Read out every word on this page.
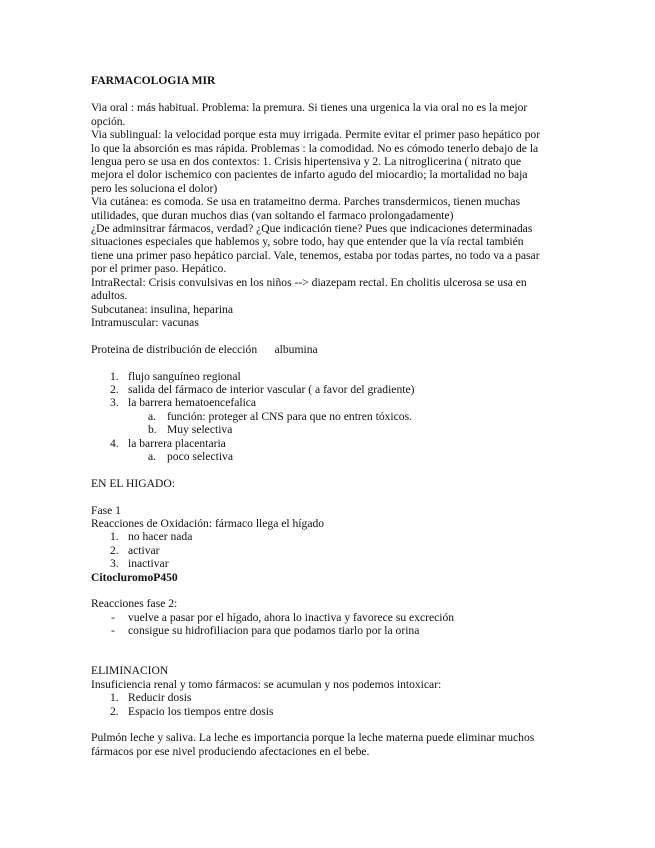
FARMACOLOGIA MIR

Via oral : más habitual. Problema: la premura. Si tienes una urgenica la via oral no es la mejor opción.

Via sublingual: la velocidad porque esta muy irrigada. Permite evitar el primer paso hepático por lo que la absorción es mas rápida. Problemas : la comodidad. No es cómodo tenerlo debajo de la lengua pero se usa en dos contextos: 1. Crisis hipertensiva y 2. La nitroglicerina ( nitrato que mejora el dolor ischemico con pacientes de infarto agudo del miocardio; la mortalidad no baja pero les soluciona el dolor)

Via cutánea: es comoda. Se usa en tratameitno derma. Parches transdermicos, tienen muchas utilidades, que duran muchos dias (van soltando el farmaco prolongadamente)

¿De adminsitrar fármacos, verdad? ¿Que indicación tiene? Pues que indicaciones determinadas situaciones especiales que hablemos y, sobre todo, hay que entender que la vía rectal también tiene una primer paso hepático parcial. Vale, tenemos, estaba por todas partes, no todo va a pasar por el primer paso. Hepático.

IntraRectal: Crisis convulsivas en los niños --> diazepam rectal. En cholitis ulcerosa se usa en adultos.

Subcutanea: insulina, heparina

Intramuscular: vacunas

Proteina de distribución de elección albumina

1. flujo sanguíneo regional
2. salida del fármaco de interior vascular ( a favor del gradiente)
3. la barrera hematoencefalica
a. función: proteger al CNS para que no entren tóxicos.
b. Muy selectiva
4. la barrera placentaria
a. poco selectiva

EN EL HIGADO:

Fase 1

Reacciones de Oxidación: fármaco llega el hígado

1. no hacer nada
2. activar
3. inactivar

CitocluromoP450

Reacciones fase 2:

- vuelve a pasar por el hígado, ahora lo inactiva y favorece su excreción
- consigue su hidrofiliacion para que podamos tiarlo por la orina

ELIMINACION

Insuficiencia renal y tomo fármacos: se acumulan y nos podemos intoxicar:

1. Reducir dosis
2. Espacio los tiempos entre dosis

Pulmón leche y saliva. La leche es importancia porque la leche materna puede eliminar muchos fármacos por ese nivel produciendo afectaciones en el bebe.
